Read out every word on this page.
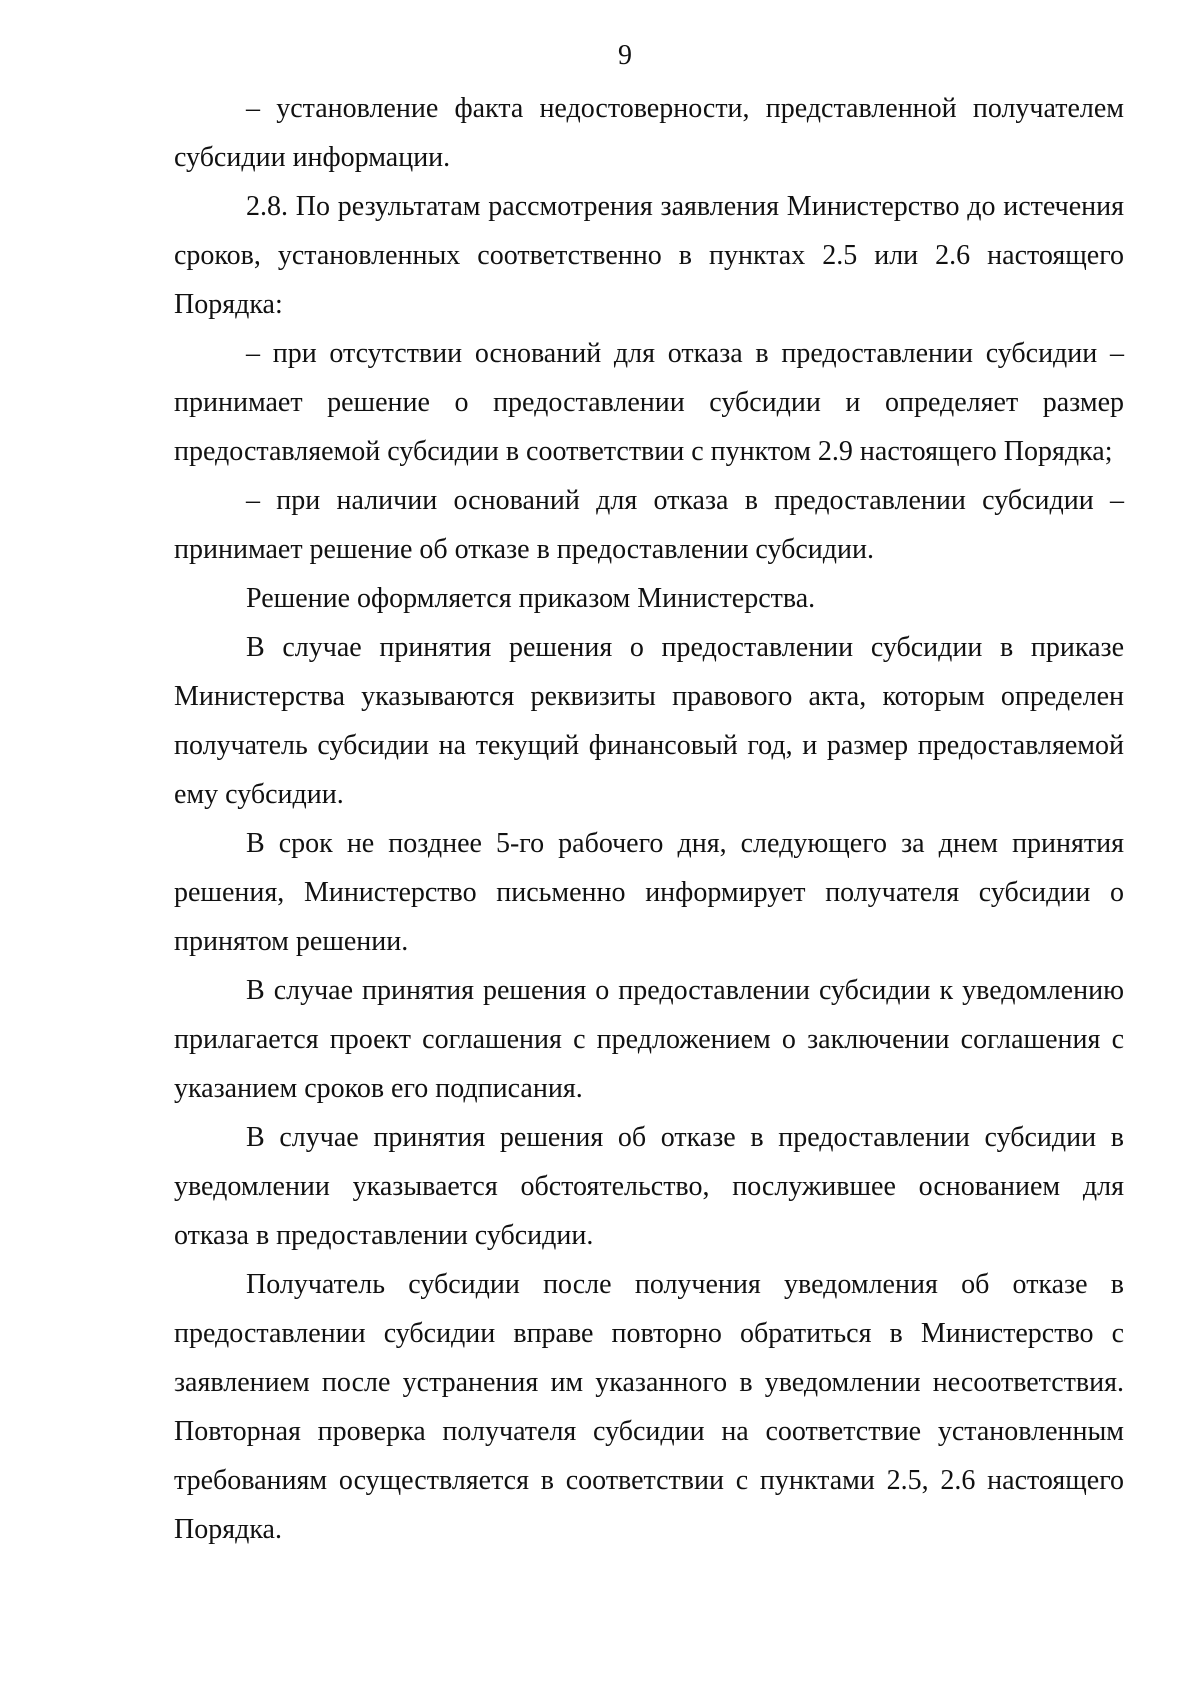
9

– установление факта недостоверности, представленной получателем субсидии информации.

2.8. По результатам рассмотрения заявления Министерство до истечения сроков, установленных соответственно в пунктах 2.5 или 2.6 настоящего Порядка:

– при отсутствии оснований для отказа в предоставлении субсидии – принимает решение о предоставлении субсидии и определяет размер предоставляемой субсидии в соответствии с пунктом 2.9 настоящего Порядка;

– при наличии оснований для отказа в предоставлении субсидии – принимает решение об отказе в предоставлении субсидии.

Решение оформляется приказом Министерства.

В случае принятия решения о предоставлении субсидии в приказе Министерства указываются реквизиты правового акта, которым определен получатель субсидии на текущий финансовый год, и размер предоставляемой ему субсидии.

В срок не позднее 5-го рабочего дня, следующего за днем принятия решения, Министерство письменно информирует получателя субсидии о принятом решении.

В случае принятия решения о предоставлении субсидии к уведомлению прилагается проект соглашения с предложением о заключении соглашения с указанием сроков его подписания.

В случае принятия решения об отказе в предоставлении субсидии в уведомлении указывается обстоятельство, послужившее основанием для отказа в предоставлении субсидии.

Получатель субсидии после получения уведомления об отказе в предоставлении субсидии вправе повторно обратиться в Министерство с заявлением после устранения им указанного в уведомлении несоответствия. Повторная проверка получателя субсидии на соответствие установленным требованиям осуществляется в соответствии с пунктами 2.5, 2.6 настоящего Порядка.
